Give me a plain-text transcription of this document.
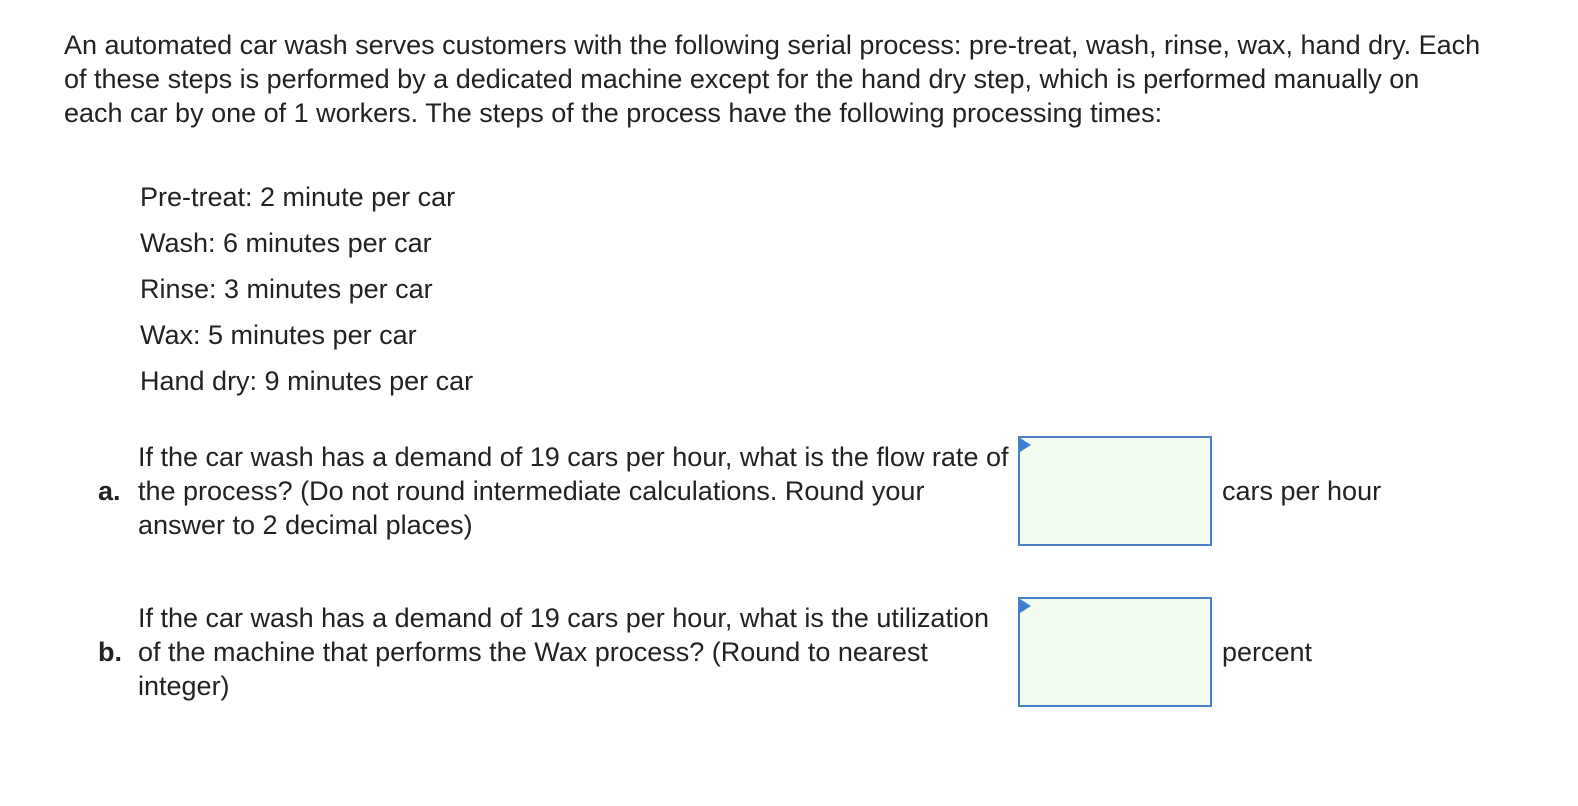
An automated car wash serves customers with the following serial process: pre-treat, wash, rinse, wax, hand dry. Each of these steps is performed by a dedicated machine except for the hand dry step, which is performed manually on each car by one of 1 workers. The steps of the process have the following processing times:

Pre-treat: 2 minute per car
Wash: 6 minutes per car
Rinse: 3 minutes per car
Wax: 5 minutes per car
Hand dry: 9 minutes per car
a.
If the car wash has a demand of 19 cars per hour, what is the flow rate of the process? (Do not round intermediate calculations. Round your answer to 2 decimal places)
cars per hour
b.
If the car wash has a demand of 19 cars per hour, what is the utilization of the machine that performs the Wax process? (Round to nearest integer)
percent
